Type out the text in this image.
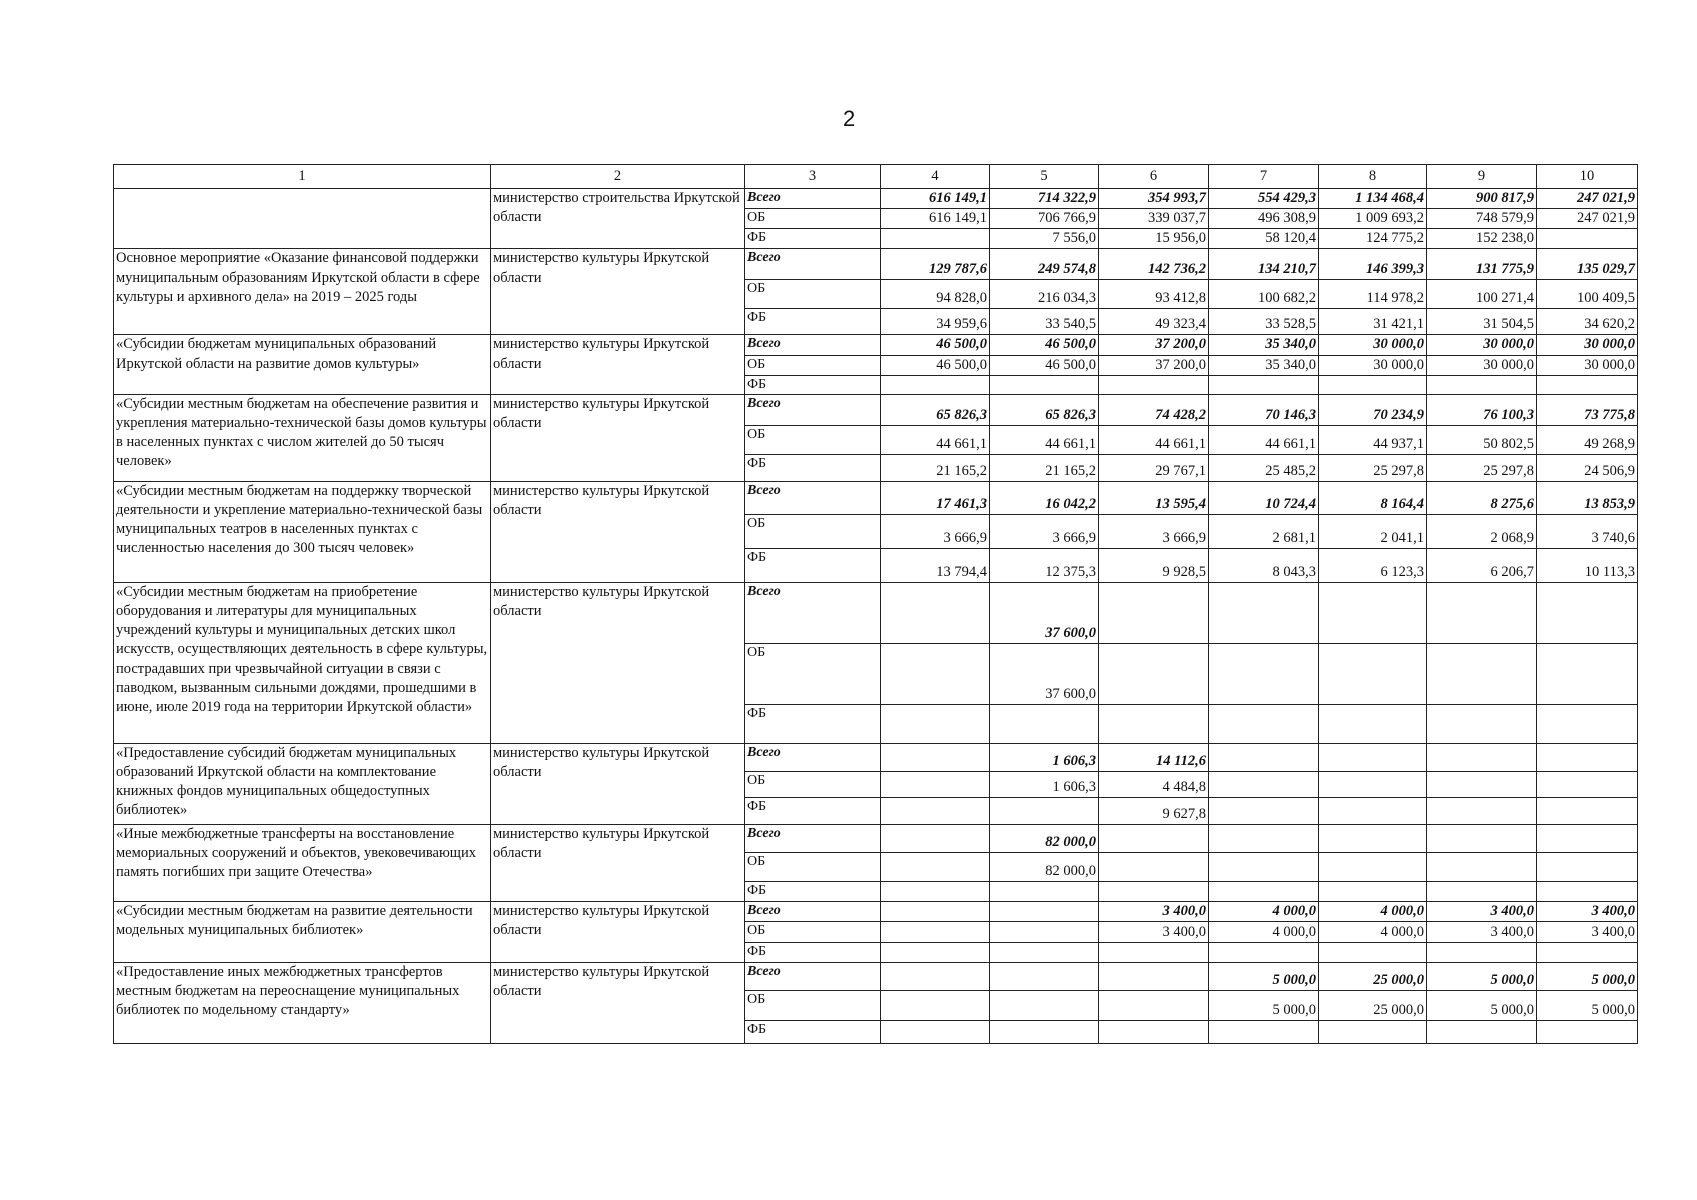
2
1	2	3	4	5	6	7	8	9	10
	министерство строительства Иркутской области	Всего	616 149,1	714 322,9	354 993,7	554 429,3	1 134 468,4	900 817,9	247 021,9
		ОБ	616 149,1	706 766,9	339 037,7	496 308,9	1 009 693,2	748 579,9	247 021,9
		ФБ		7 556,0	15 956,0	58 120,4	124 775,2	152 238,0	
Основное мероприятие «Оказание финансовой поддержки муниципальным образованиям Иркутской области в сфере культуры и архивного дела» на 2019 – 2025 годы	министерство культуры Иркутской области	Всего	129 787,6	249 574,8	142 736,2	134 210,7	146 399,3	131 775,9	135 029,7
		ОБ	94 828,0	216 034,3	93 412,8	100 682,2	114 978,2	100 271,4	100 409,5
		ФБ	34 959,6	33 540,5	49 323,4	33 528,5	31 421,1	31 504,5	34 620,2
«Субсидии бюджетам муниципальных образований Иркутской области на развитие домов культуры»	министерство культуры Иркутской области	Всего	46 500,0	46 500,0	37 200,0	35 340,0	30 000,0	30 000,0	30 000,0
		ОБ	46 500,0	46 500,0	37 200,0	35 340,0	30 000,0	30 000,0	30 000,0
		ФБ							
«Субсидии местным бюджетам на обеспечение развития и укрепления материально-технической базы домов культуры в населенных пунктах с числом жителей до 50 тысяч человек»	министерство культуры Иркутской области	Всего	65 826,3	65 826,3	74 428,2	70 146,3	70 234,9	76 100,3	73 775,8
		ОБ	44 661,1	44 661,1	44 661,1	44 661,1	44 937,1	50 802,5	49 268,9
		ФБ	21 165,2	21 165,2	29 767,1	25 485,2	25 297,8	25 297,8	24 506,9
«Субсидии местным бюджетам на поддержку творческой деятельности и укрепление материально-технической базы муниципальных театров в населенных пунктах с численностью населения до 300 тысяч человек»	министерство культуры Иркутской области	Всего	17 461,3	16 042,2	13 595,4	10 724,4	8 164,4	8 275,6	13 853,9
		ОБ	3 666,9	3 666,9	3 666,9	2 681,1	2 041,1	2 068,9	3 740,6
		ФБ	13 794,4	12 375,3	9 928,5	8 043,3	6 123,3	6 206,7	10 113,3
«Субсидии местным бюджетам на приобретение оборудования и литературы для муниципальных учреждений культуры и муниципальных детских школ искусств, осуществляющих деятельность в сфере культуры, пострадавших при чрезвычайной ситуации в связи с паводком, вызванным сильными дождями, прошедшими в июне, июле 2019 года на территории Иркутской области»	министерство культуры Иркутской области	Всего		37 600,0					
		ОБ		37 600,0					
		ФБ							
«Предоставление субсидий бюджетам муниципальных образований Иркутской области на комплектование книжных фондов муниципальных общедоступных библиотек»	министерство культуры Иркутской области	Всего		1 606,3	14 112,6				
		ОБ		1 606,3	4 484,8				
		ФБ			9 627,8				
«Иные межбюджетные трансферты на восстановление мемориальных сооружений и объектов, увековечивающих память погибших при защите Отечества»	министерство культуры Иркутской области	Всего		82 000,0					
		ОБ		82 000,0					
		ФБ							
«Субсидии местным бюджетам на развитие деятельности модельных муниципальных библиотек»	министерство культуры Иркутской области	Всего			3 400,0	4 000,0	4 000,0	3 400,0	3 400,0
		ОБ			3 400,0	4 000,0	4 000,0	3 400,0	3 400,0
		ФБ							
«Предоставление иных межбюджетных трансфертов местным бюджетам на переоснащение муниципальных библиотек по модельному стандарту»	министерство культуры Иркутской области	Всего				5 000,0	25 000,0	5 000,0	5 000,0
		ОБ				5 000,0	25 000,0	5 000,0	5 000,0
		ФБ							
